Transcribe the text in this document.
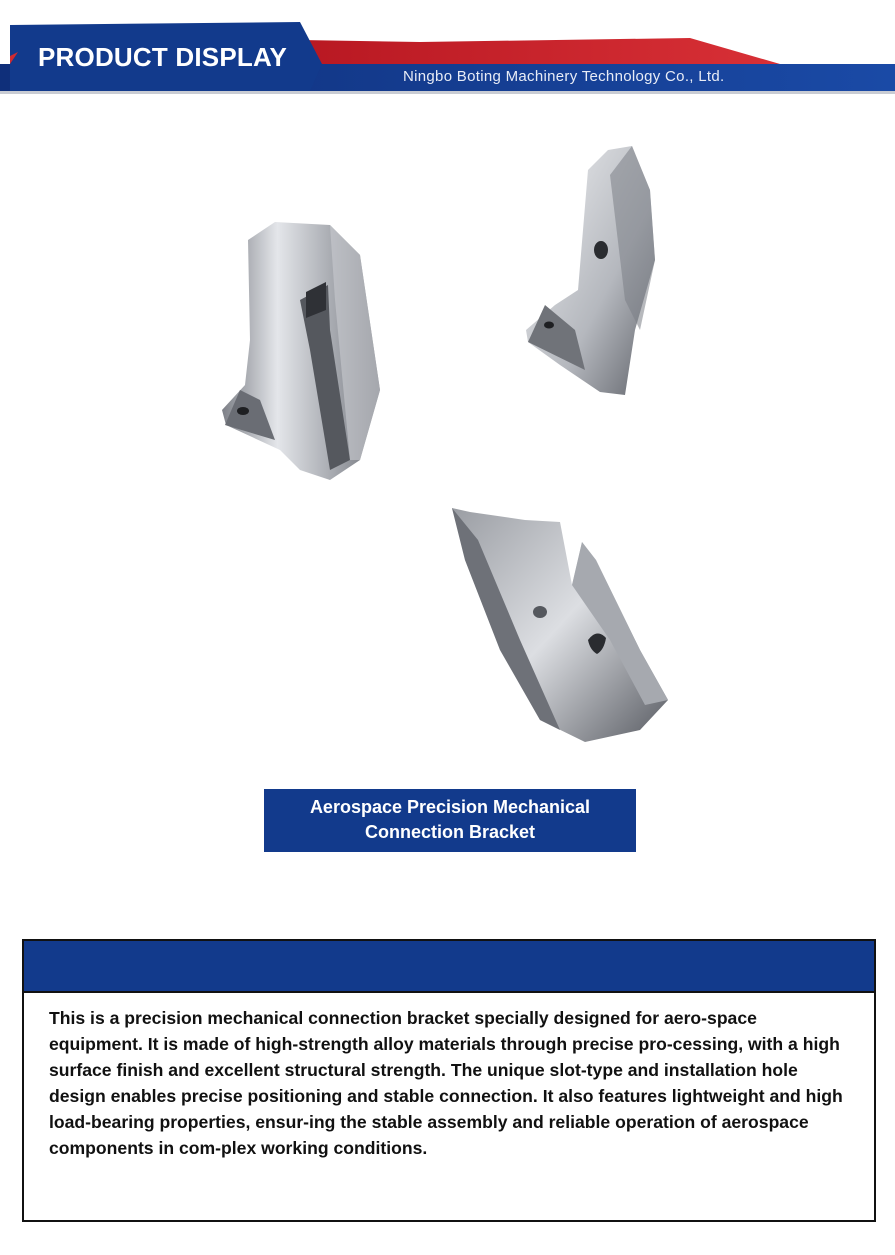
PRODUCT DISPLAY
Ningbo Boting Machinery Technology Co., Ltd.
Aerospace Precision Mechanical
Connection Bracket

This is a precision mechanical connection bracket specially designed for aero-space equipment. It is made of high-strength alloy materials through precise pro-cessing, with a high surface finish and excellent structural strength. The unique slot-type and installation hole design enables precise positioning and stable connection. It also features lightweight and high load-bearing properties, ensur-ing the stable assembly and reliable operation of aerospace components in com-plex working conditions.
